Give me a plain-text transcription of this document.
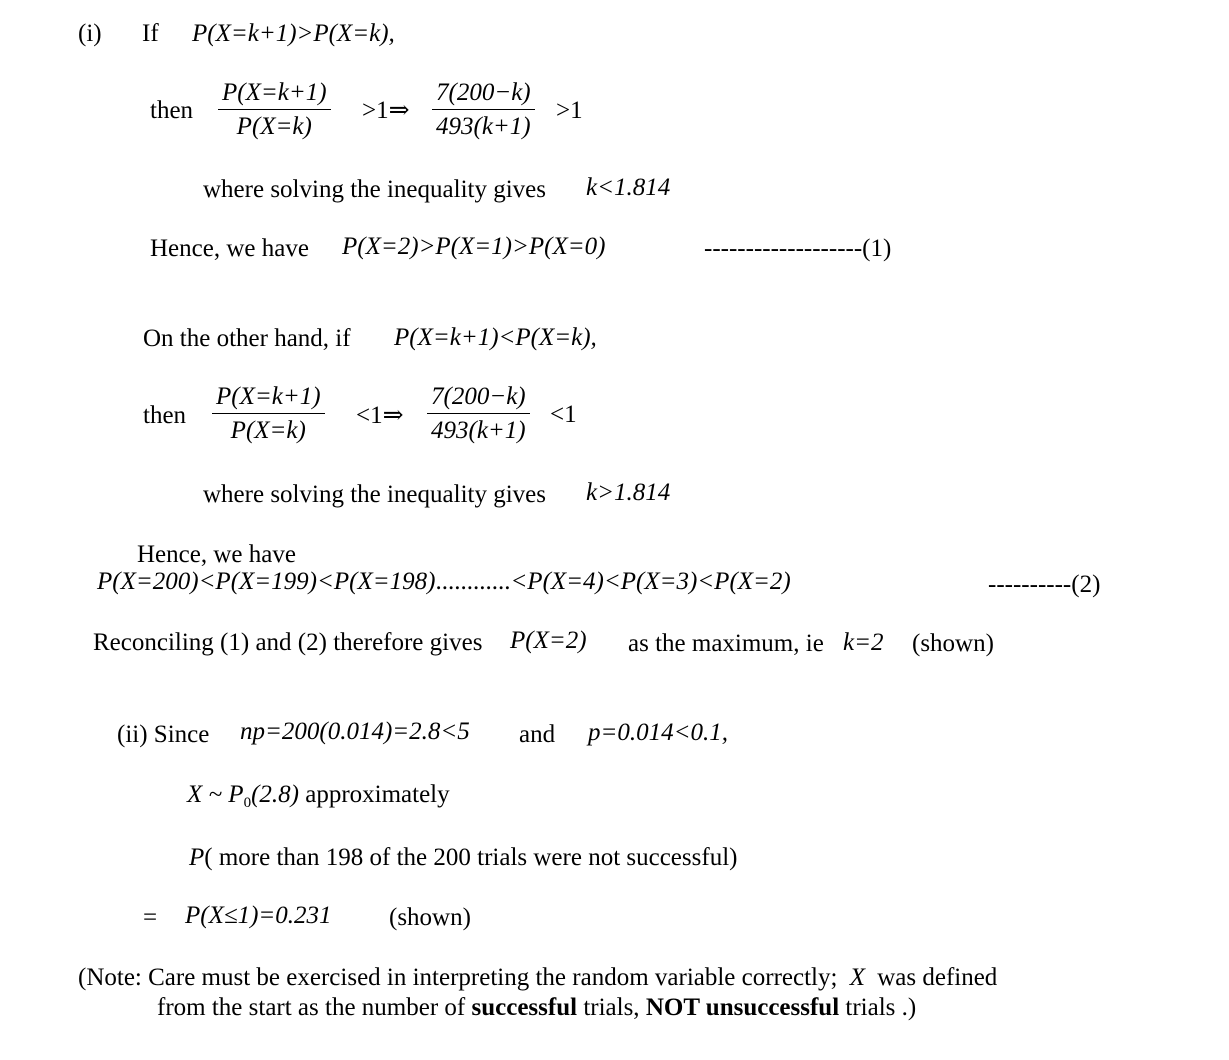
(i) If P(X=k+1)>P(X=k),
then
P(X=k+1)
P(X=k)
>1⇒
7(200−k)
493(k+1)
>1
where solving the inequality gives k<1.814
Hence, we have P(X=2)>P(X=1)>P(X=0)	-------------------(1)
On the other hand, if P(X=k+1)<P(X=k),
then
P(X=k+1)
P(X=k)
<1⇒
7(200−k)
493(k+1)
<1
where solving the inequality gives k>1.814
Hence, we have
P(X=200)<P(X=199)<P(X=198)............<P(X=4)<P(X=3)<P(X=2)	----------(2)
Reconciling (1) and (2) therefore gives P(X=2) as the maximum, ie k=2 (shown)
(ii) Since np=200(0.014)=2.8<5 and p=0.014<0.1,
X ~ $P_0(2.8)$ approximately
P( more than 198 of the 200 trials were not successful)
= P(X≤1)=0.231 (shown)
(Note: Care must be exercised in interpreting the random variable correctly; X was defined
from the start as the number of successful trials, NOT unsuccessful trials .)
